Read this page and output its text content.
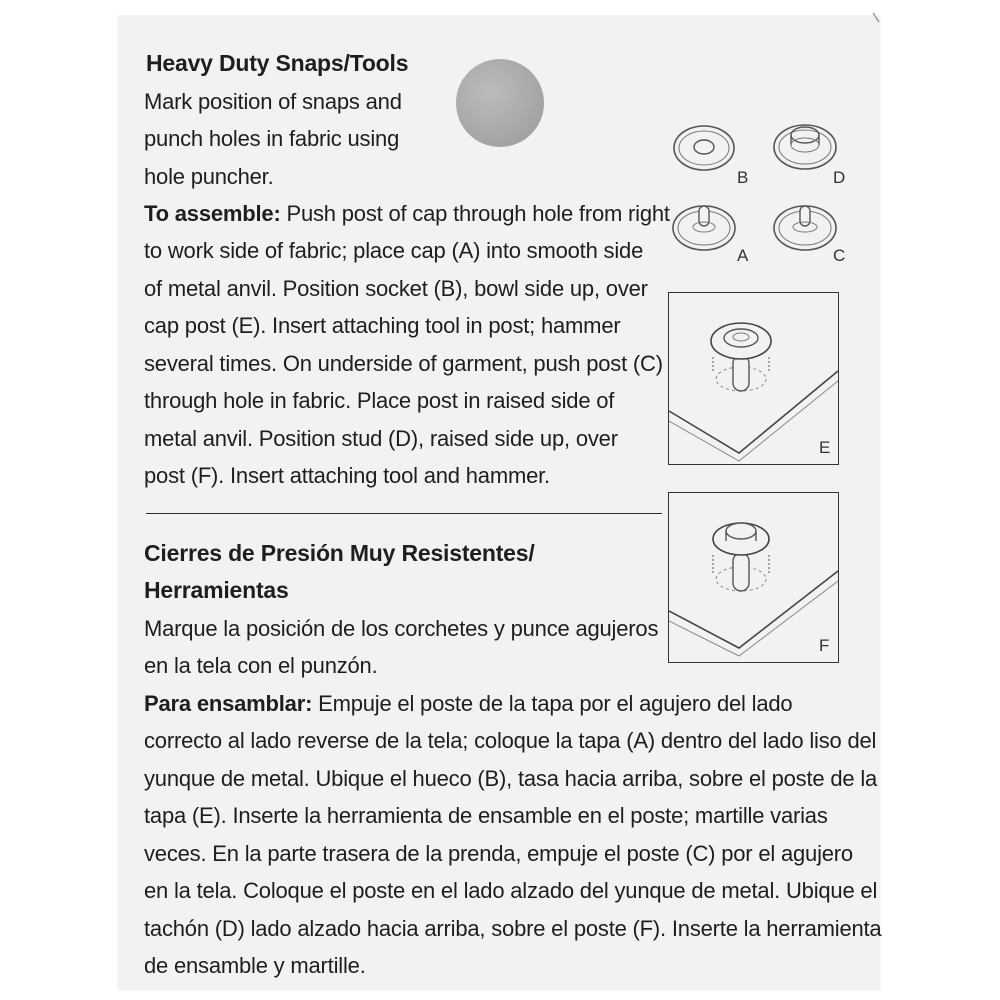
Heavy Duty Snaps/Tools
Mark position of snaps and
punch holes in fabric using
hole puncher.
To assemble: Push post of cap through hole from right
to work side of fabric; place cap (A) into smooth side
of metal anvil. Position socket (B), bowl side up, over
cap post (E). Insert attaching tool in post; hammer
several times. On underside of garment, push post (C)
through hole in fabric. Place post in raised side of
metal anvil. Position stud (D), raised side up, over
post (F). Insert attaching tool and hammer.
Cierres de Presión Muy Resistentes/
Herramientas
Marque la posición de los corchetes y punce agujeros
en la tela con el punzón.
Para ensamblar: Empuje el poste de la tapa por el agujero del lado
correcto al lado reverse de la tela; coloque la tapa (A) dentro del lado liso del
yunque de metal. Ubique el hueco (B), tasa hacia arriba, sobre el poste de la
tapa (E). Inserte la herramienta de ensamble en el poste; martille varias
veces. En la parte trasera de la prenda, empuje el poste (C) por el agujero
en la tela. Coloque el poste en el lado alzado del yunque de metal. Ubique el
tachón (D) lado alzado hacia arriba, sobre el poste (F). Inserte la herramienta
de ensamble y martille.
B	D
A	C
E
F
